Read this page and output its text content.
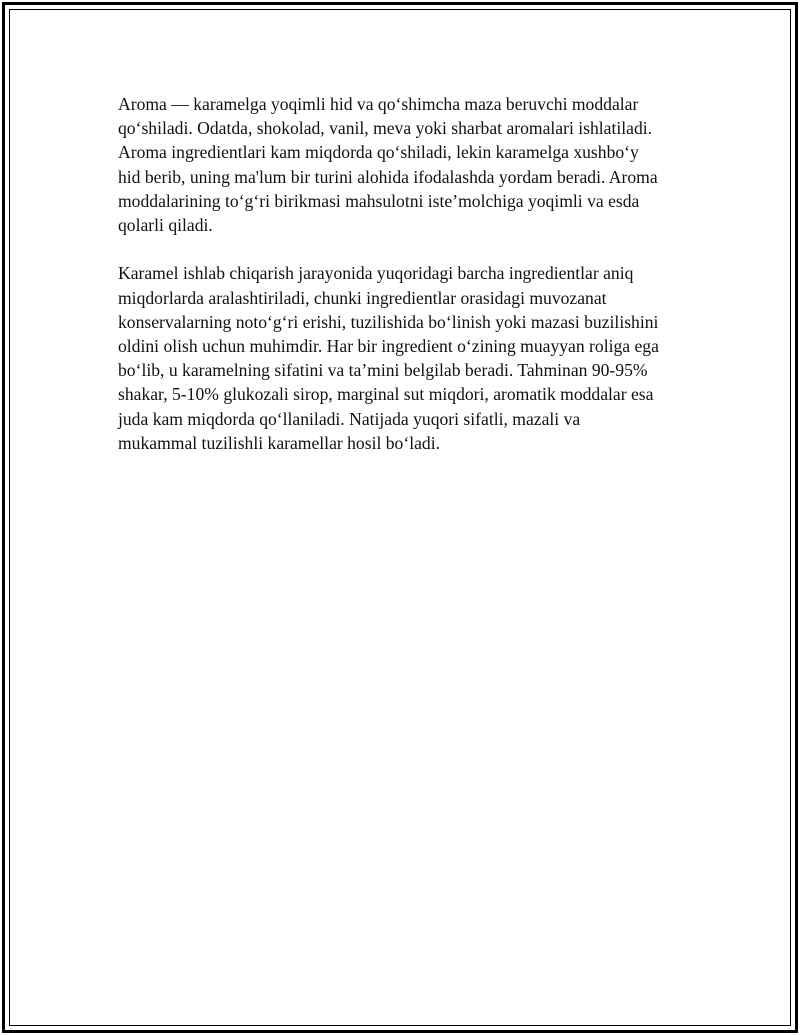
Aroma — karamelga yoqimli hid va qo‘shimcha maza beruvchi moddalar
qo‘shiladi. Odatda, shokolad, vanil, meva yoki sharbat aromalari ishlatiladi.
Aroma ingredientlari kam miqdorda qo‘shiladi, lekin karamelga xushbo‘y
hid berib, uning ma'lum bir turini alohida ifodalashda yordam beradi. Aroma
moddalarining to‘g‘ri birikmasi mahsulotni iste’molchiga yoqimli va esda
qolarli qiladi.

Karamel ishlab chiqarish jarayonida yuqoridagi barcha ingredientlar aniq
miqdorlarda aralashtiriladi, chunki ingredientlar orasidagi muvozanat
konservalarning noto‘g‘ri erishi, tuzilishida bo‘linish yoki mazasi buzilishini
oldini olish uchun muhimdir. Har bir ingredient o‘zining muayyan roliga ega
bo‘lib, u karamelning sifatini va ta’mini belgilab beradi. Tahminan 90-95%
shakar, 5-10% glukozali sirop, marginal sut miqdori, aromatik moddalar esa
juda kam miqdorda qo‘llaniladi. Natijada yuqori sifatli, mazali va
mukammal tuzilishli karamellar hosil bo‘ladi.
